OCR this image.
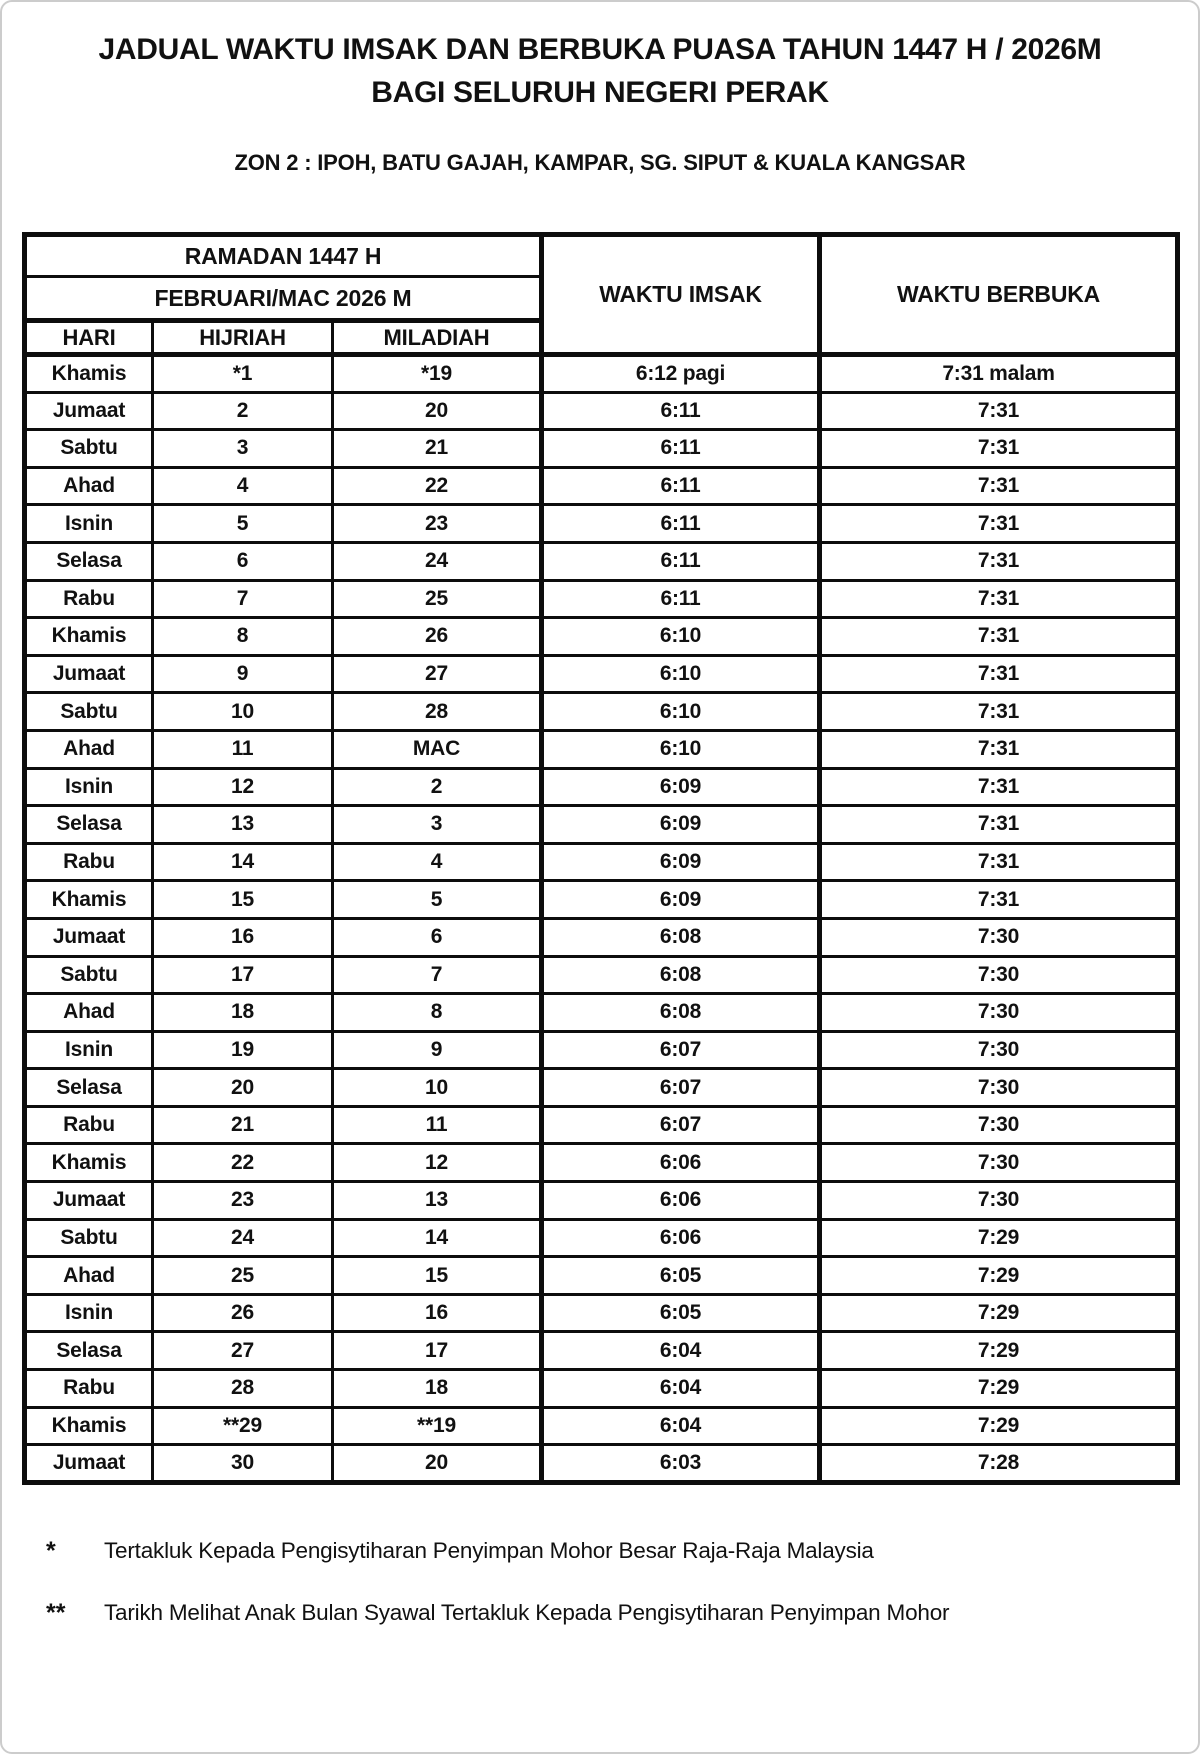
JADUAL WAKTU IMSAK DAN BERBUKA PUASA TAHUN 1447 H / 2026M
BAGI SELURUH NEGERI PERAK
ZON 2 : IPOH, BATU GAJAH, KAMPAR, SG. SIPUT & KUALA KANGSAR
RAMADAN 1447 H			WAKTU IMSAK	WAKTU BERBUKA
FEBRUARI/MAC 2026 M				
HARI	HIJRIAH	MILADIAH		
Khamis	*1	*19	6:12 pagi	7:31 malam
Jumaat	2	20	6:11	7:31
Sabtu	3	21	6:11	7:31
Ahad	4	22	6:11	7:31
Isnin	5	23	6:11	7:31
Selasa	6	24	6:11	7:31
Rabu	7	25	6:11	7:31
Khamis	8	26	6:10	7:31
Jumaat	9	27	6:10	7:31
Sabtu	10	28	6:10	7:31
Ahad	11	MAC	6:10	7:31
Isnin	12	2	6:09	7:31
Selasa	13	3	6:09	7:31
Rabu	14	4	6:09	7:31
Khamis	15	5	6:09	7:31
Jumaat	16	6	6:08	7:30
Sabtu	17	7	6:08	7:30
Ahad	18	8	6:08	7:30
Isnin	19	9	6:07	7:30
Selasa	20	10	6:07	7:30
Rabu	21	11	6:07	7:30
Khamis	22	12	6:06	7:30
Jumaat	23	13	6:06	7:30
Sabtu	24	14	6:06	7:29
Ahad	25	15	6:05	7:29
Isnin	26	16	6:05	7:29
Selasa	27	17	6:04	7:29
Rabu	28	18	6:04	7:29
Khamis	**29	**19	6:04	7:29
Jumaat	30	20	6:03	7:28
*	Tertakluk Kepada Pengisytiharan Penyimpan Mohor Besar Raja-Raja Malaysia
**	Tarikh Melihat Anak Bulan Syawal Tertakluk Kepada Pengisytiharan Penyimpan Mohor
